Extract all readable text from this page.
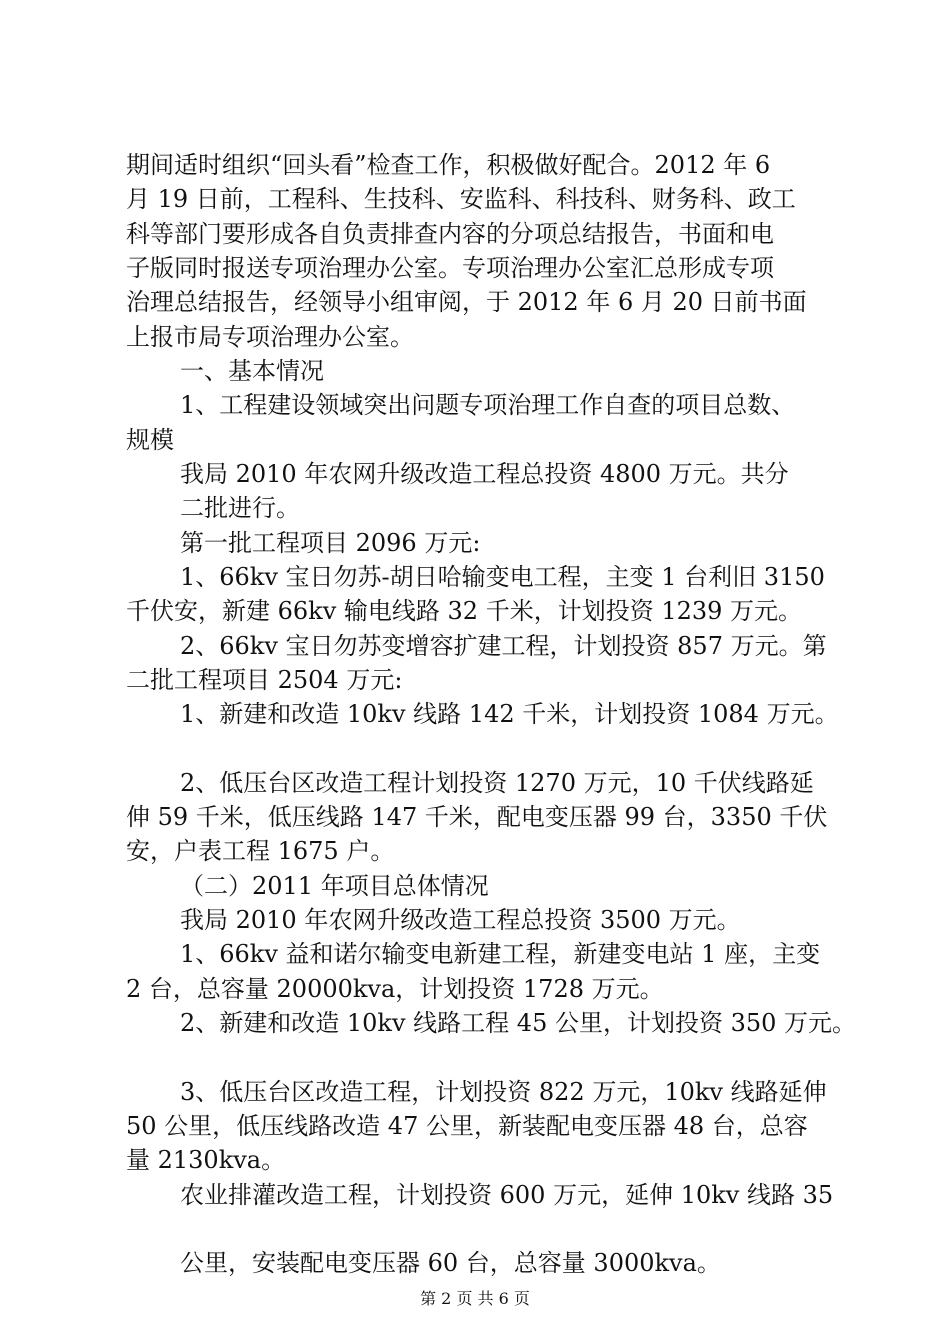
期间适时组织“回头看”检查工作，积极做好配合。2012 年 6
月 19 日前，工程科、生技科、安监科、科技科、财务科、政工
科等部门要形成各自负责排查内容的分项总结报告，书面和电
子版同时报送专项治理办公室。专项治理办公室汇总形成专项
治理总结报告，经领导小组审阅，于 2012 年 6 月 20 日前书面
上报市局专项治理办公室。
一、基本情况
1、工程建设领域突出问题专项治理工作自查的项目总数、
规模
我局 2010 年农网升级改造工程总投资 4800 万元。共分
二批进行。
第一批工程项目 2096 万元:
1、66kv 宝日勿苏-胡日哈输变电工程，主变 1 台利旧 3150
千伏安，新建 66kv 输电线路 32 千米，计划投资 1239 万元。
2、66kv 宝日勿苏变增容扩建工程，计划投资 857 万元。第
二批工程项目 2504 万元:
1、新建和改造 10kv 线路 142 千米，计划投资 1084 万元。
2、低压台区改造工程计划投资 1270 万元，10 千伏线路延
伸 59 千米，低压线路 147 千米，配电变压器 99 台，3350 千伏
安，户表工程 1675 户。
（二）2011 年项目总体情况
我局 2010 年农网升级改造工程总投资 3500 万元。
1、66kv 益和诺尔输变电新建工程，新建变电站 1 座，主变
2 台，总容量 20000kva，计划投资 1728 万元。
2、新建和改造 10kv 线路工程 45 公里，计划投资 350 万元。
3、低压台区改造工程，计划投资 822 万元，10kv 线路延伸
50 公里，低压线路改造 47 公里，新装配电变压器 48 台，总容
量 2130kva。
农业排灌改造工程，计划投资 600 万元，延伸 10kv 线路 35
公里，安装配电变压器 60 台，总容量 3000kva。
第 2 页 共 6 页
